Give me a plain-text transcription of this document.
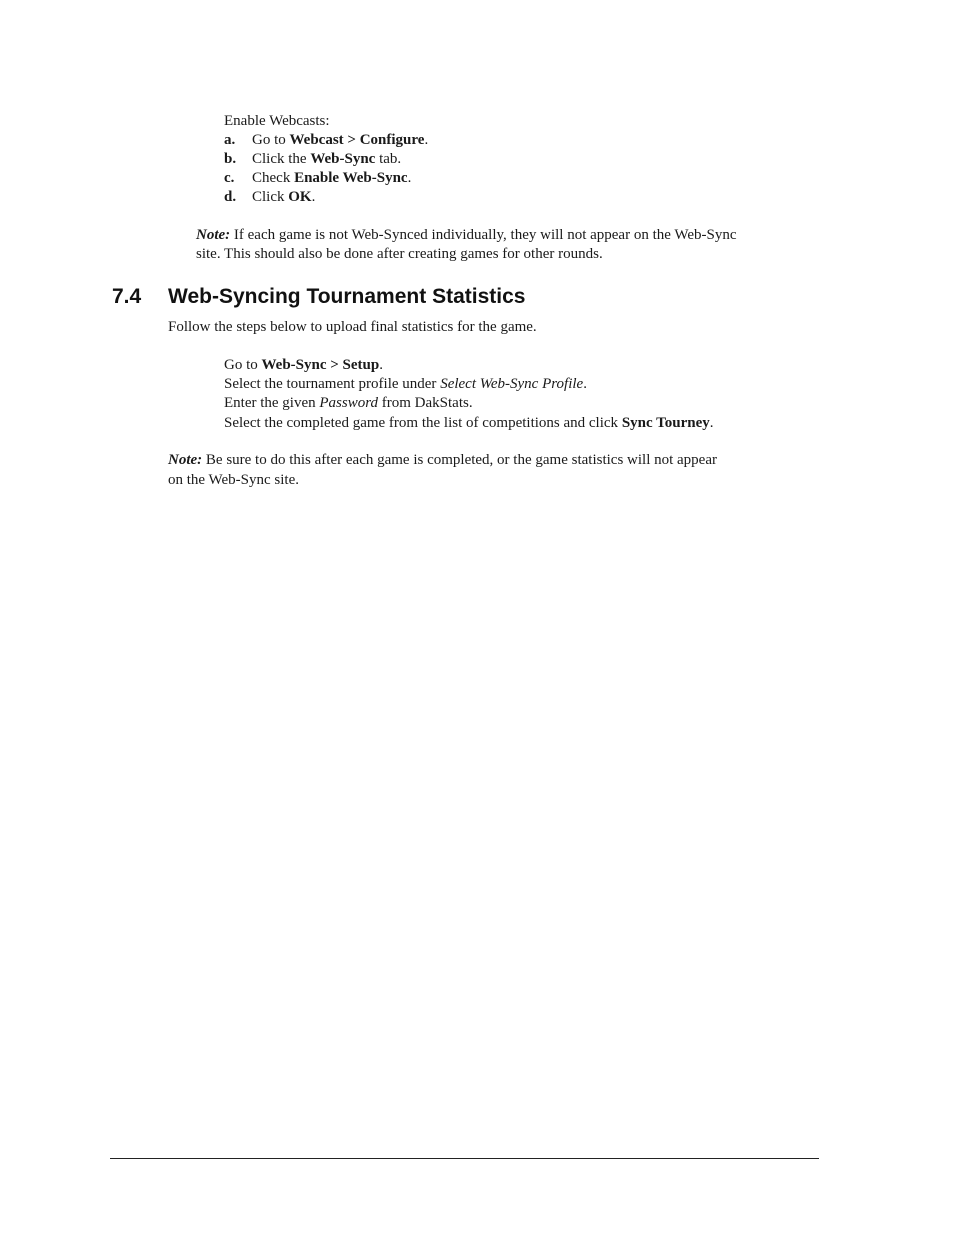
Enable Webcasts:
a. Go to Webcast > Configure.
b. Click the Web-Sync tab.
c. Check Enable Web-Sync.
d. Click OK.
Note: If each game is not Web-Synced individually, they will not appear on the Web-Sync
site. This should also be done after creating games for other rounds.
7.4 Web-Syncing Tournament Statistics
Follow the steps below to upload final statistics for the game.
Go to Web-Sync > Setup.
Select the tournament profile under Select Web-Sync Profile.
Enter the given Password from DakStats.
Select the completed game from the list of competitions and click Sync Tourney.
Note: Be sure to do this after each game is completed, or the game statistics will not appear
on the Web-Sync site.
